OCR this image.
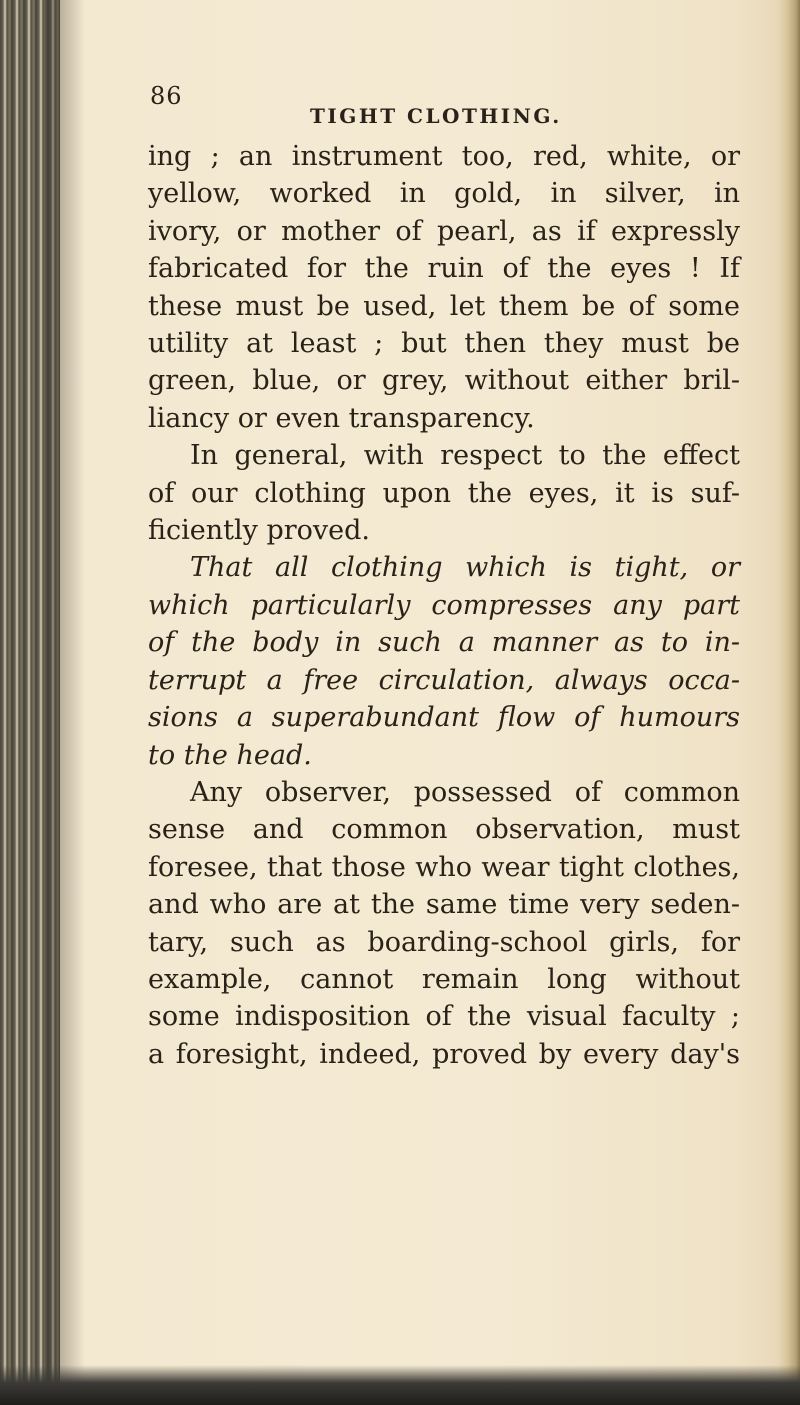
86
TIGHT CLOTHING.
ing ; an instrument too, red, white, or
yellow, worked in gold, in silver, in
ivory, or mother of pearl, as if expressly
fabricated for the ruin of the eyes ! If
these must be used, let them be of some
utility at least ; but then they must be
green, blue, or grey, without either bril-
liancy or even transparency.
In general, with respect to the effect
of our clothing upon the eyes, it is suf-
ficiently proved.
That all clothing which is tight, or
which particularly compresses any part
of the body in such a manner as to in-
terrupt a free circulation, always occa-
sions a superabundant flow of humours
to the head.
Any observer, possessed of common
sense and common observation, must
foresee, that those who wear tight clothes,
and who are at the same time very seden-
tary, such as boarding-school girls, for
example, cannot remain long without
some indisposition of the visual faculty ;
a foresight, indeed, proved by every day's
